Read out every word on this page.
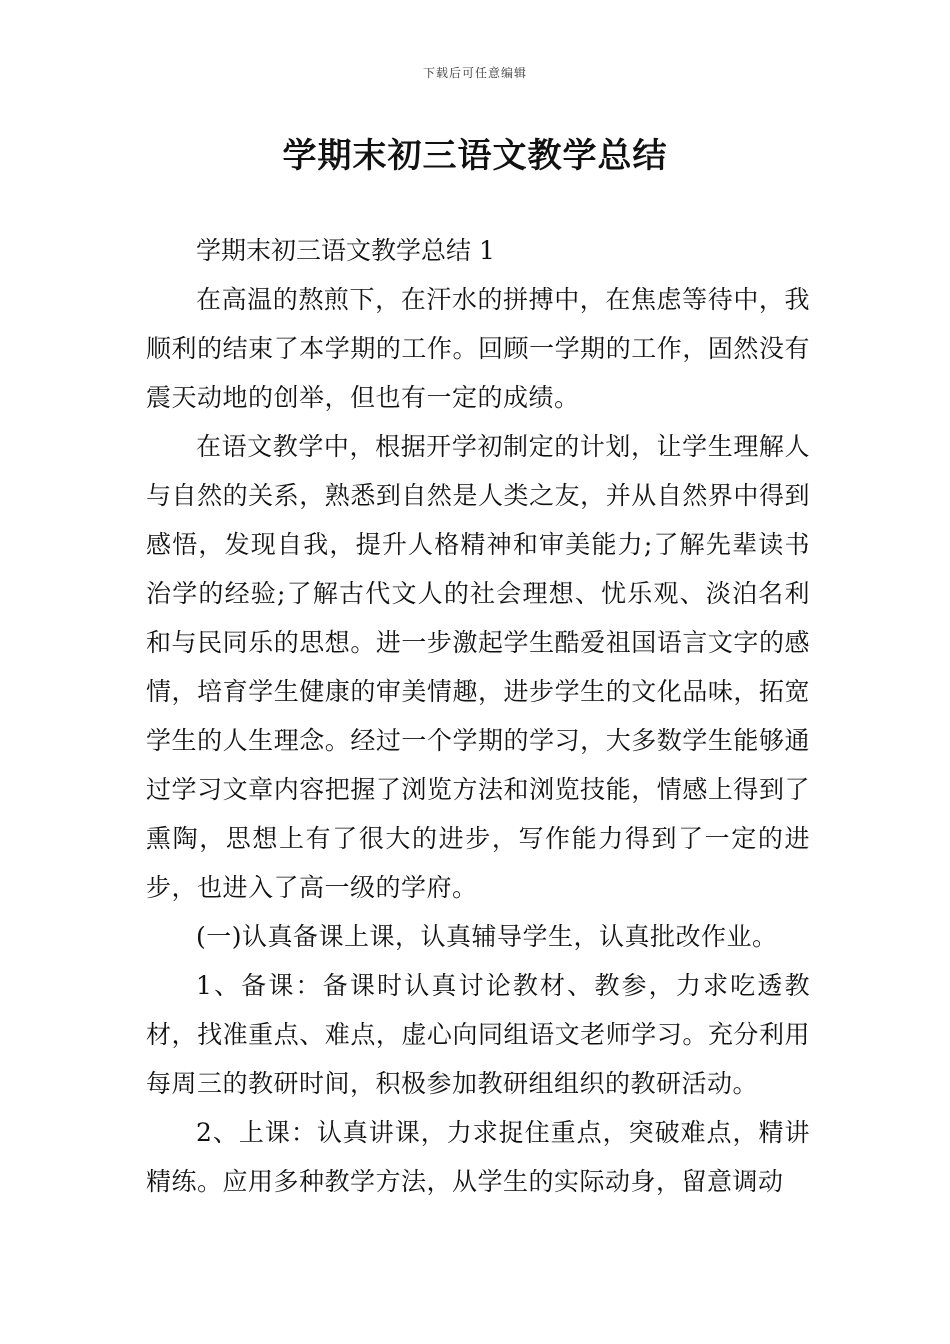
下载后可任意编辑
学期末初三语文教学总结

学期末初三语文教学总结 1

在高温的熬煎下，在汗水的拼搏中，在焦虑等待中，我顺利的结束了本学期的工作。回顾一学期的工作，固然没有震天动地的创举，但也有一定的成绩。

在语文教学中，根据开学初制定的计划，让学生理解人与自然的关系，熟悉到自然是人类之友，并从自然界中得到感悟，发现自我，提升人格精神和审美能力;了解先辈读书治学的经验;了解古代文人的社会理想、忧乐观、淡泊名利和与民同乐的思想。进一步激起学生酷爱祖国语言文字的感情，培育学生健康的审美情趣，进步学生的文化品味，拓宽学生的人生理念。经过一个学期的学习，大多数学生能够通过学习文章内容把握了浏览方法和浏览技能，情感上得到了熏陶，思想上有了很大的进步，写作能力得到了一定的进步，也进入了高一级的学府。

(一)认真备课上课，认真辅导学生，认真批改作业。

1、备课：备课时认真讨论教材、教参，力求吃透教材，找准重点、难点，虚心向同组语文老师学习。充分利用每周三的教研时间，积极参加教研组组织的教研活动。

2、上课：认真讲课，力求捉住重点，突破难点，精讲精练。应用多种教学方法，从学生的实际动身，留意调动
